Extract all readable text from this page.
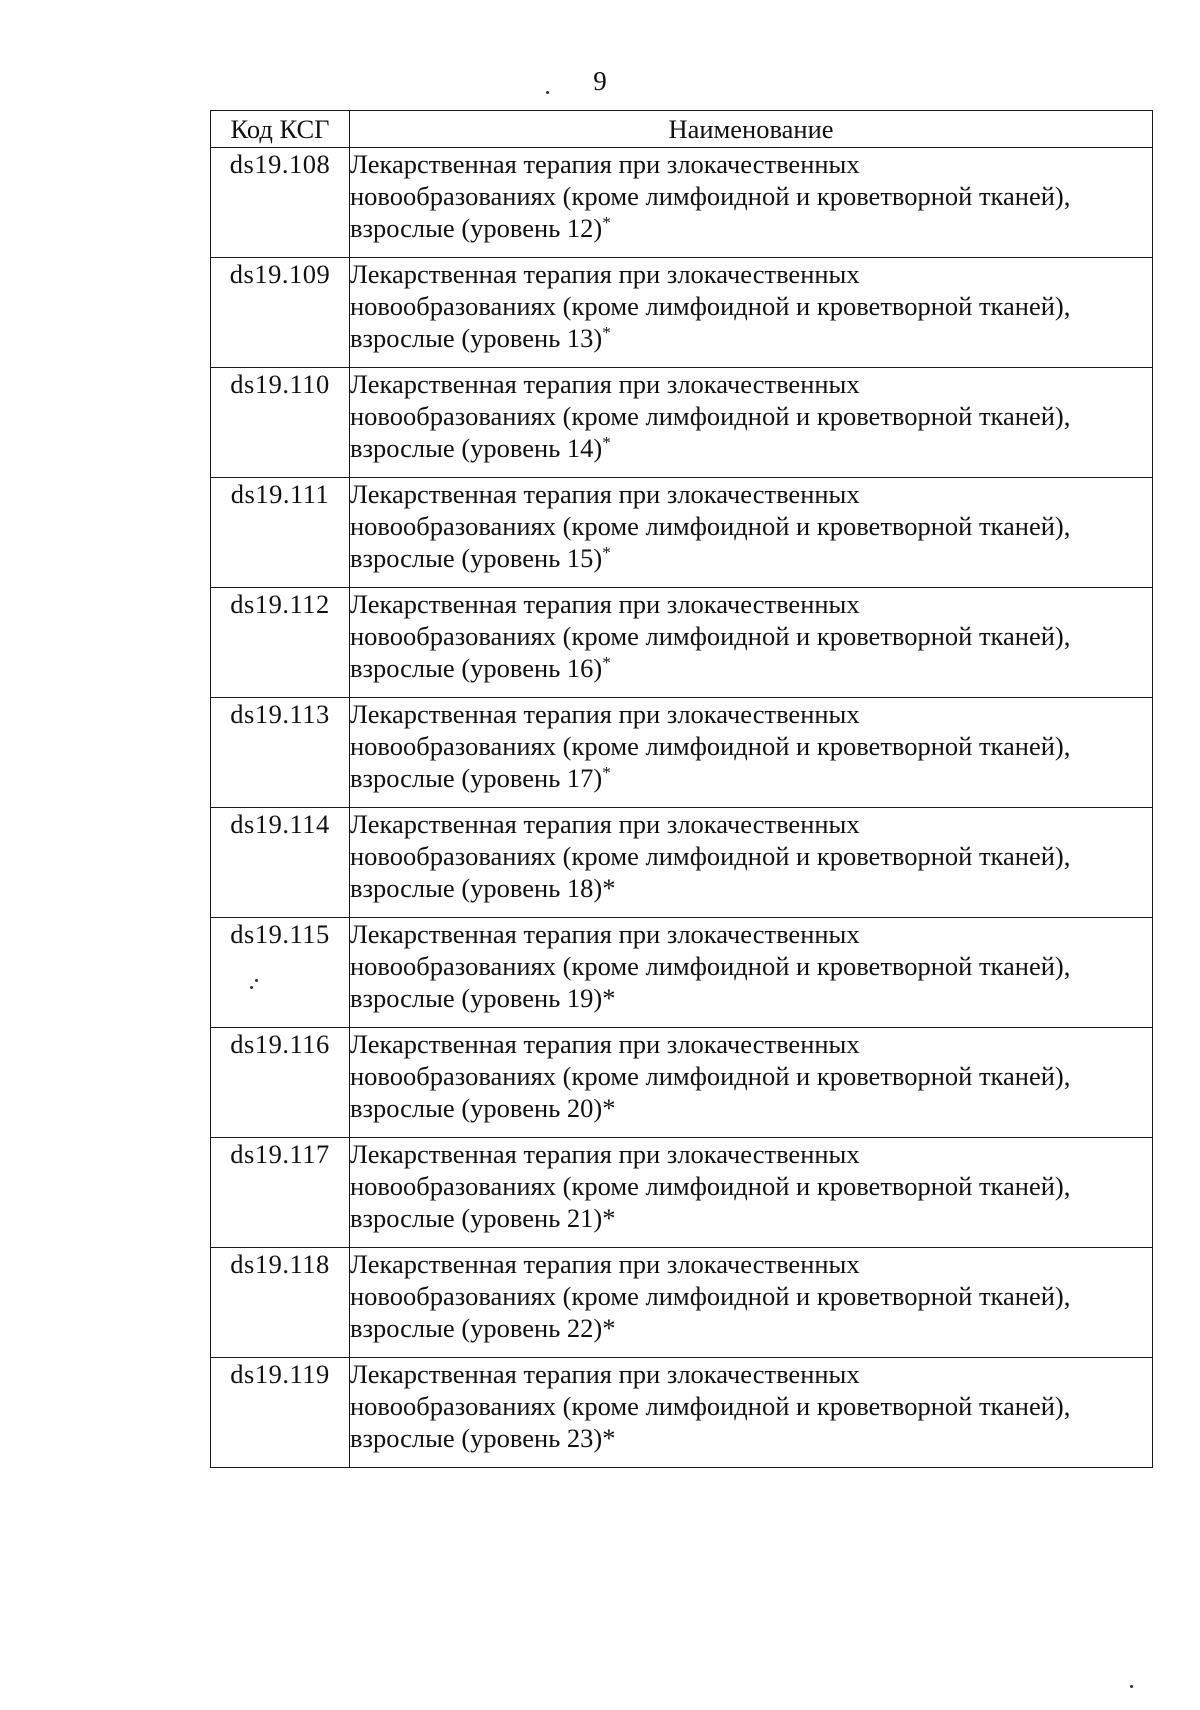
9
Код КСГ	Наименование
ds19.108	Лекарственная терапия при злокачественных
новообразованиях (кроме лимфоидной и кроветворной тканей),
взрослые (уровень 12)*

ds19.109	Лекарственная терапия при злокачественных
новообразованиях (кроме лимфоидной и кроветворной тканей),
взрослые (уровень 13)*

ds19.110	Лекарственная терапия при злокачественных
новообразованиях (кроме лимфоидной и кроветворной тканей),
взрослые (уровень 14)*

ds19.111	Лекарственная терапия при злокачественных
новообразованиях (кроме лимфоидной и кроветворной тканей),
взрослые (уровень 15)*

ds19.112	Лекарственная терапия при злокачественных
новообразованиях (кроме лимфоидной и кроветворной тканей),
взрослые (уровень 16)*

ds19.113	Лекарственная терапия при злокачественных
новообразованиях (кроме лимфоидной и кроветворной тканей),
взрослые (уровень 17)*

ds19.114	Лекарственная терапия при злокачественных
новообразованиях (кроме лимфоидной и кроветворной тканей),
взрослые (уровень 18)*

ds19.115	Лекарственная терапия при злокачественных
новообразованиях (кроме лимфоидной и кроветворной тканей),
взрослые (уровень 19)*

ds19.116	Лекарственная терапия при злокачественных
новообразованиях (кроме лимфоидной и кроветворной тканей),
взрослые (уровень 20)*

ds19.117	Лекарственная терапия при злокачественных
новообразованиях (кроме лимфоидной и кроветворной тканей),
взрослые (уровень 21)*

ds19.118	Лекарственная терапия при злокачественных
новообразованиях (кроме лимфоидной и кроветворной тканей),
взрослые (уровень 22)*

ds19.119	Лекарственная терапия при злокачественных
новообразованиях (кроме лимфоидной и кроветворной тканей),
взрослые (уровень 23)*
